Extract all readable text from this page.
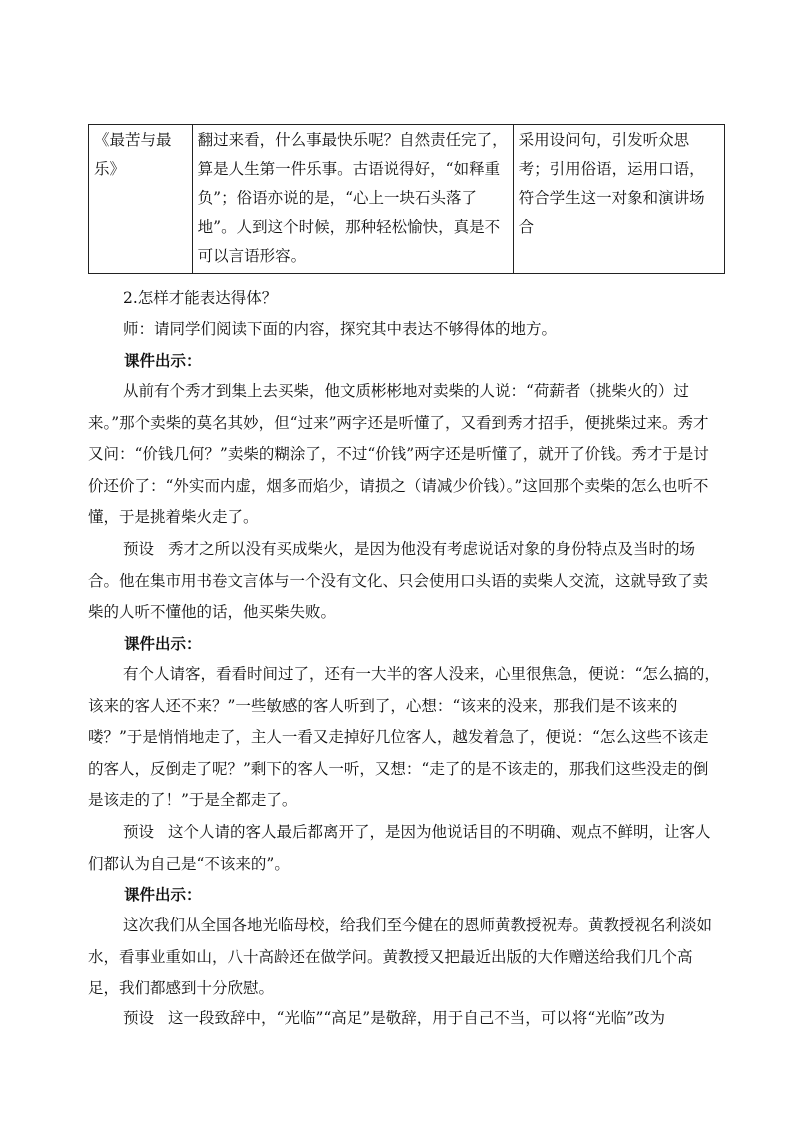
《最苦与最乐》	翻过来看，什么事最快乐呢？自然责任完了，算是人生第一件乐事。古语说得好，“如释重负”；俗语亦说的是，“心上一块石头落了地”。人到这个时候，那种轻松愉快，真是不可以言语形容。	采用设问句，引发听众思考；引用俗语，运用口语，符合学生这一对象和演讲场合

2.怎样才能表达得体？

师：请同学们阅读下面的内容，探究其中表达不够得体的地方。

课件出示：

从前有个秀才到集上去买柴，他文质彬彬地对卖柴的人说：“荷薪者（挑柴火的）过来。”那个卖柴的莫名其妙，但“过来”两字还是听懂了，又看到秀才招手，便挑柴过来。秀才又问：“价钱几何？”卖柴的糊涂了，不过“价钱”两字还是听懂了，就开了价钱。秀才于是讨价还价了：“外实而内虚，烟多而焰少，请损之（请减少价钱）。”这回那个卖柴的怎么也听不懂，于是挑着柴火走了。

预设 秀才之所以没有买成柴火，是因为他没有考虑说话对象的身份特点及当时的场合。他在集市用书卷文言体与一个没有文化、只会使用口头语的卖柴人交流，这就导致了卖柴的人听不懂他的话，他买柴失败。

课件出示：

有个人请客，看看时间过了，还有一大半的客人没来，心里很焦急，便说：“怎么搞的，该来的客人还不来？”一些敏感的客人听到了，心想：“该来的没来，那我们是不该来的喽？”于是悄悄地走了，主人一看又走掉好几位客人，越发着急了，便说：“怎么这些不该走的客人，反倒走了呢？”剩下的客人一听，又想：“走了的是不该走的，那我们这些没走的倒是该走的了！”于是全都走了。

预设 这个人请的客人最后都离开了，是因为他说话目的不明确、观点不鲜明，让客人们都认为自己是“不该来的”。

课件出示：

这次我们从全国各地光临母校，给我们至今健在的恩师黄教授祝寿。黄教授视名利淡如水，看事业重如山，八十高龄还在做学问。黄教授又把最近出版的大作赠送给我们几个高足，我们都感到十分欣慰。

预设 这一段致辞中，“光临”“高足”是敬辞，用于自己不当，可以将“光临”改为
